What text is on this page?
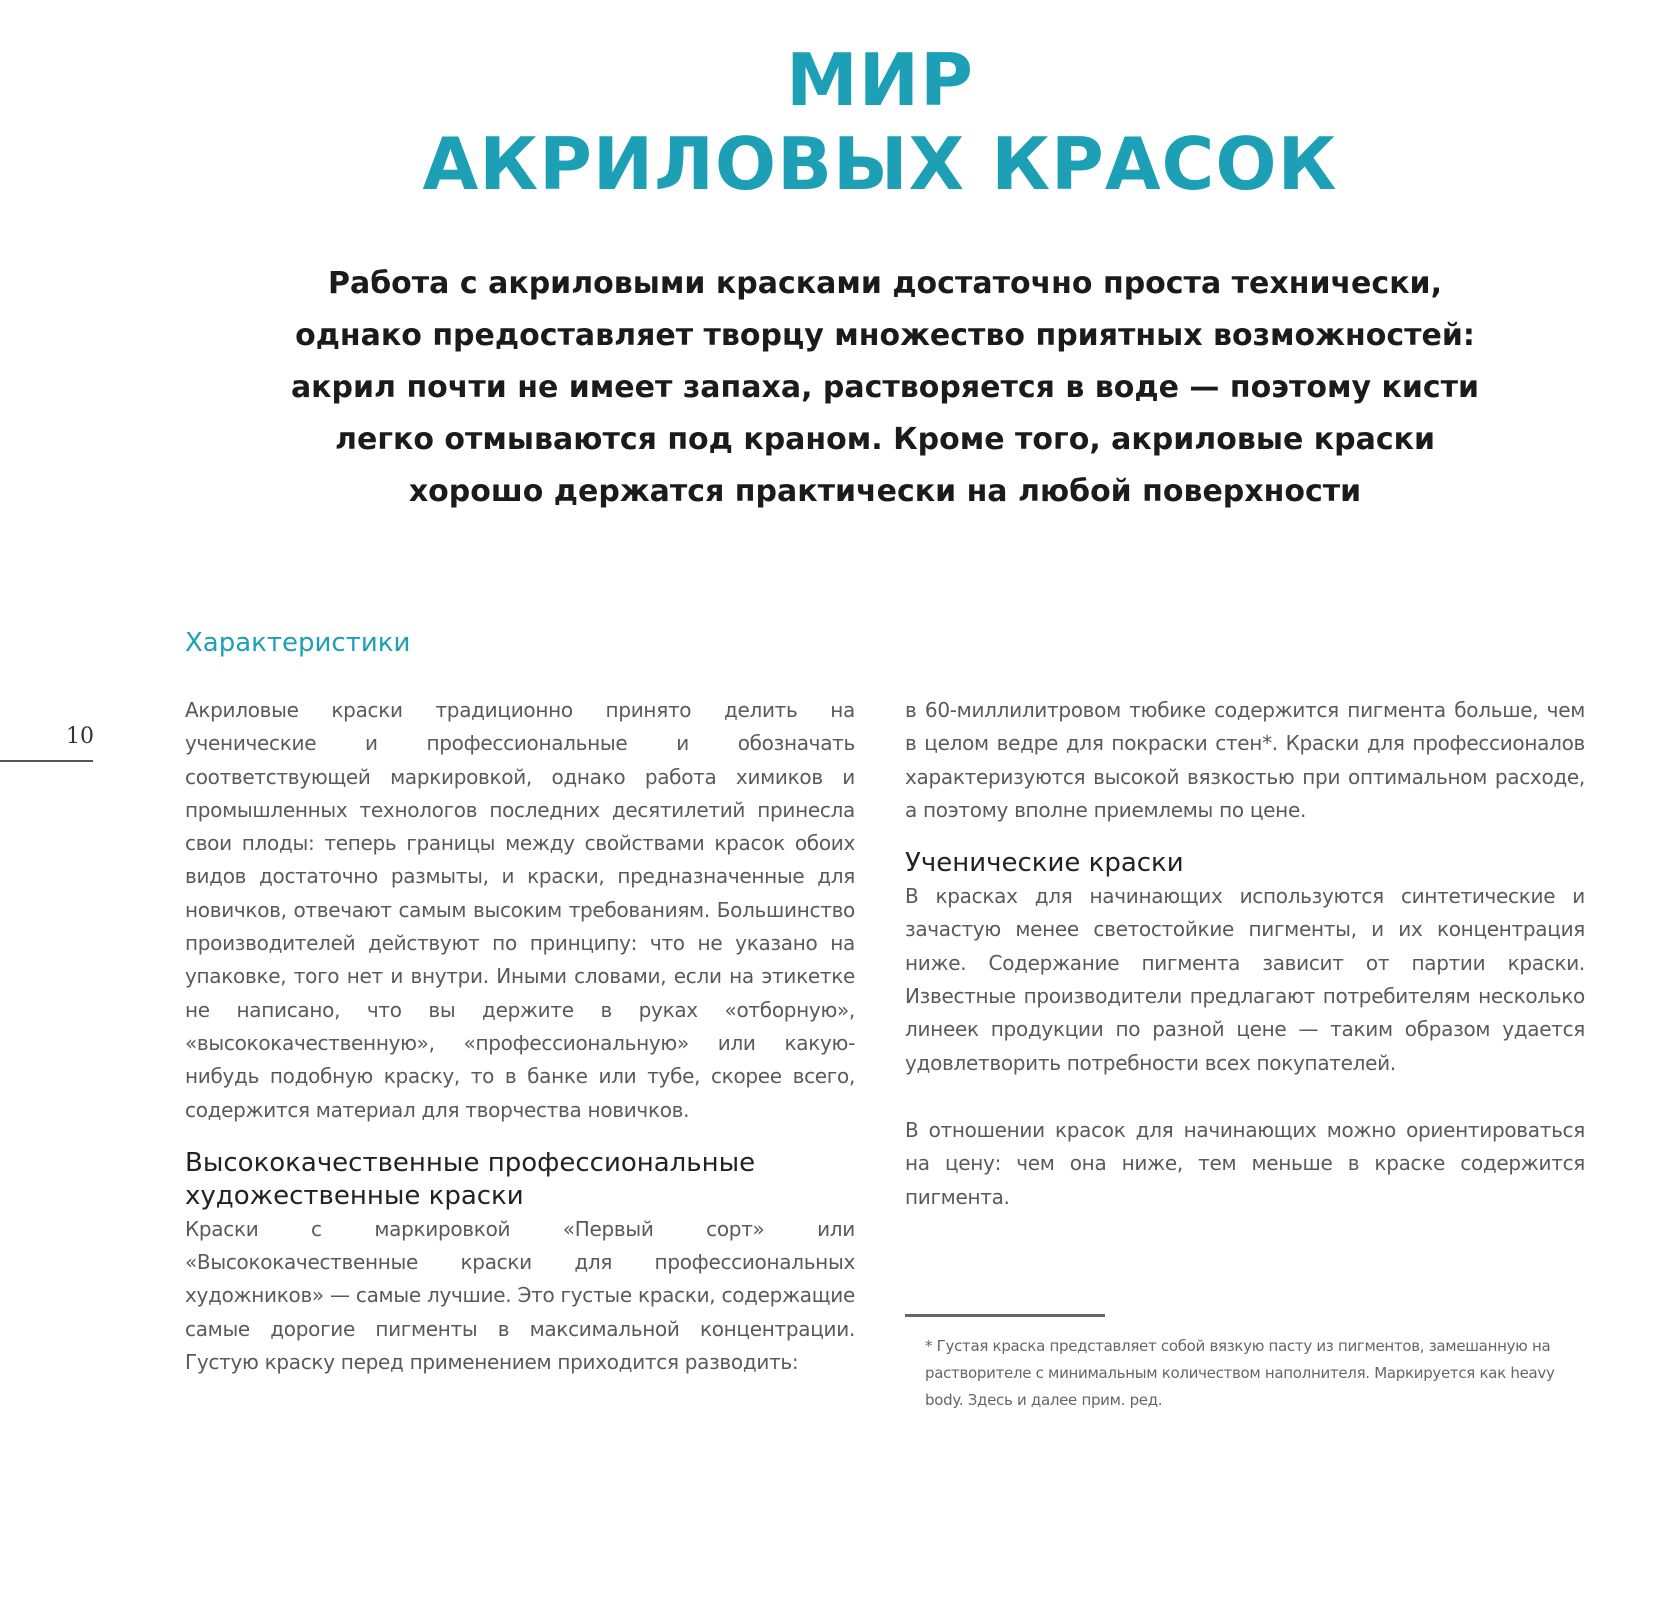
МИР
АКРИЛОВЫХ КРАСОК
Работа с акриловыми красками достаточно проста технически, однако предоставляет творцу множество приятных возможностей: акрил почти не имеет запаха, растворяется в воде — поэтому кисти легко отмываются под краном. Кроме того, акриловые краски хорошо держатся практически на любой поверхности
Характеристики
10

Акриловые краски традиционно принято делить на ученические и профессиональные и обозначать соответствующей маркировкой, однако работа химиков и промышленных технологов последних десятилетий принесла свои плоды: теперь границы между свойствами красок обоих видов достаточно размыты, и краски, предназначенные для новичков, отвечают самым высоким требованиям. Большинство производителей действуют по принципу: что не указано на упаковке, того нет и внутри. Иными словами, если на этикетке не написано, что вы держите в руках «отборную», «высококачественную», «профессиональную» или какую-нибудь подобную краску, то в банке или тубе, скорее всего, содержится материал для творчества новичков.

Высококачественные профессиональные художественные краски

Краски с маркировкой «Первый сорт» или «Высококачественные краски для профессиональных художников» — самые лучшие. Это густые краски, содержащие самые дорогие пигменты в максимальной концентрации. Густую краску перед применением приходится разводить:

в 60-миллилитровом тюбике содержится пигмента больше, чем в целом ведре для покраски стен*. Краски для профессионалов характеризуются высокой вязкостью при оптимальном расходе, а поэтому вполне приемлемы по цене.

Ученические краски

В красках для начинающих используются синтетические и зачастую менее светостойкие пигменты, и их концентрация ниже. Содержание пигмента зависит от партии краски. Известные производители предлагают потребителям несколько линеек продукции по разной цене — таким образом удается удовлетворить потребности всех покупателей.

В отношении красок для начинающих можно ориентироваться на цену: чем она ниже, тем меньше в краске содержится пигмента.

* Густая краска представляет собой вязкую пасту из пигментов, замешанную на растворителе с минимальным количеством наполнителя. Маркируется как heavy body. Здесь и далее прим. ред.
